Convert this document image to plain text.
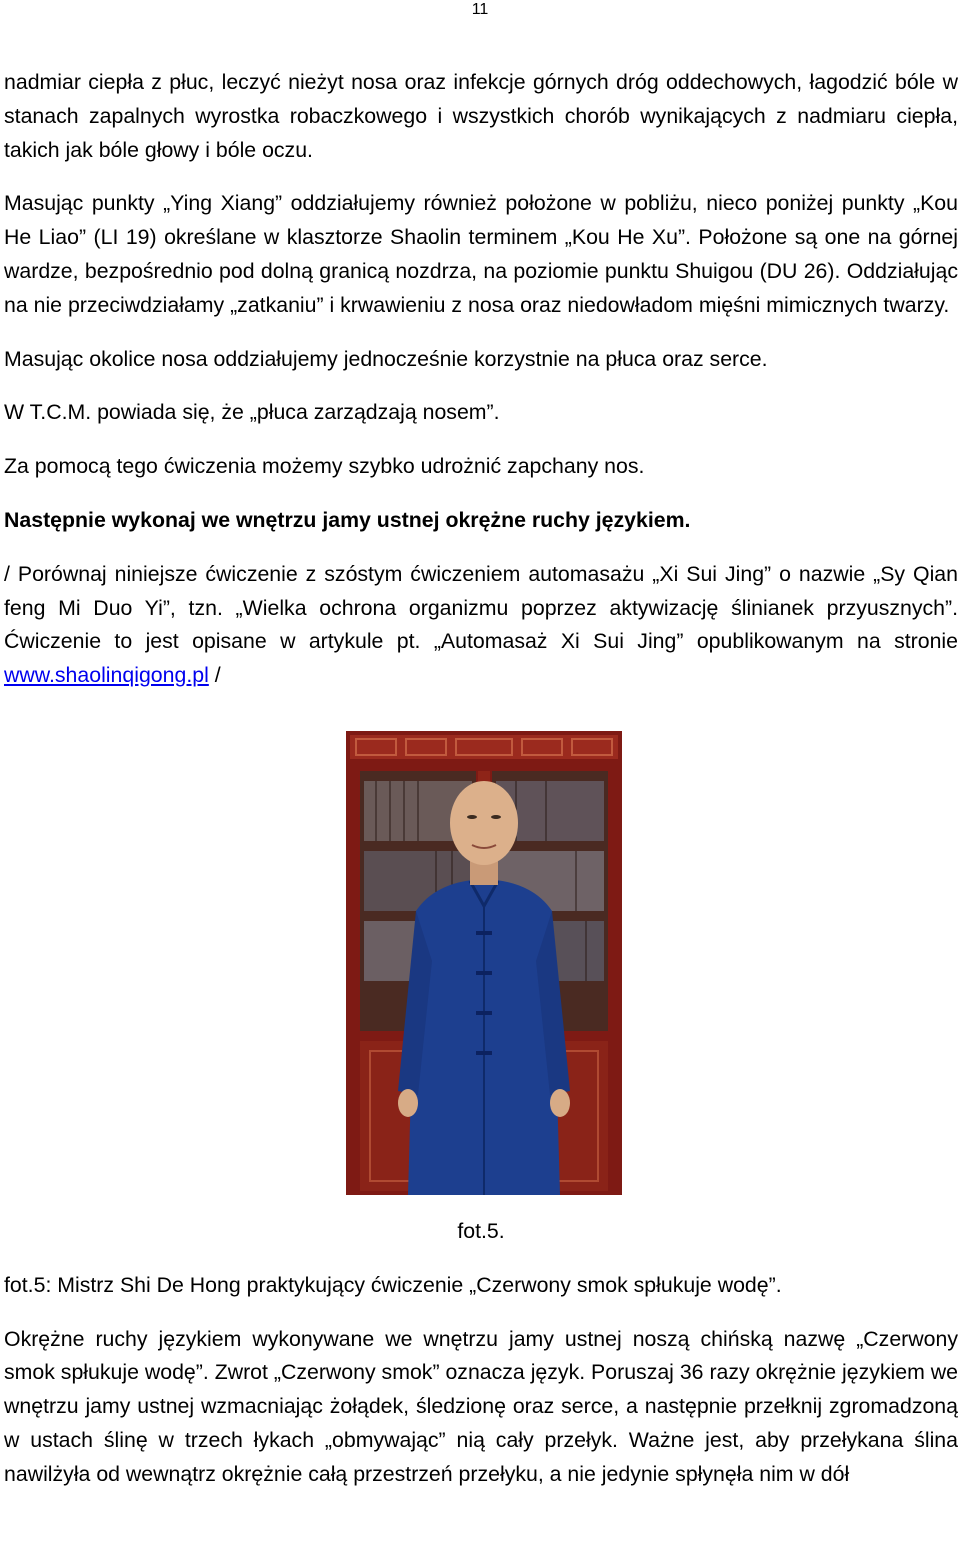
11

nadmiar ciepła z płuc, leczyć nieżyt nosa oraz infekcje górnych dróg oddechowych, łagodzić bóle w stanach zapalnych wyrostka robaczkowego i wszystkich chorób wynikających z nadmiaru ciepła, takich jak bóle głowy i bóle oczu.

Masując punkty „Ying Xiang” oddziałujemy również położone w pobliżu, nieco poniżej punkty „Kou He Liao” (LI 19) określane w klasztorze Shaolin terminem „Kou He Xu”. Położone są one na górnej wardze, bezpośrednio pod dolną granicą nozdrza, na poziomie punktu Shuigou (DU 26). Oddziałując na nie przeciwdziałamy „zatkaniu” i krwawieniu z nosa oraz niedowładom mięśni mimicznych twarzy.

Masując okolice nosa oddziałujemy jednocześnie korzystnie na płuca oraz serce.

W T.C.M. powiada się, że „płuca zarządzają nosem”.

Za pomocą tego ćwiczenia możemy szybko udrożnić zapchany nos.

Następnie wykonaj we wnętrzu jamy ustnej okrężne ruchy językiem.

/ Porównaj niniejsze ćwiczenie z szóstym ćwiczeniem automasażu „Xi Sui Jing” o nazwie „Sy Qian feng Mi Duo Yi”, tzn. „Wielka ochrona organizmu poprzez aktywizację ślinianek przyusznych”. Ćwiczenie to jest opisane w artykule pt. „Automasaż Xi Sui Jing” opublikowanym na stronie www.shaolinqigong.pl /

fot.5.

fot.5: Mistrz Shi De Hong praktykujący ćwiczenie „Czerwony smok spłukuje wodę”.

Okrężne ruchy językiem wykonywane we wnętrzu jamy ustnej noszą chińską nazwę „Czerwony smok spłukuje wodę”. Zwrot „Czerwony smok” oznacza język. Poruszaj 36 razy okrężnie językiem we wnętrzu jamy ustnej wzmacniając żołądek, śledzionę oraz serce, a następnie przełknij zgromadzoną w ustach ślinę w trzech łykach „obmywając” nią cały przełyk. Ważne jest, aby przełykana ślina nawilżyła od wewnątrz okrężnie całą przestrzeń przełyku, a nie jedynie spłynęła nim w dół
